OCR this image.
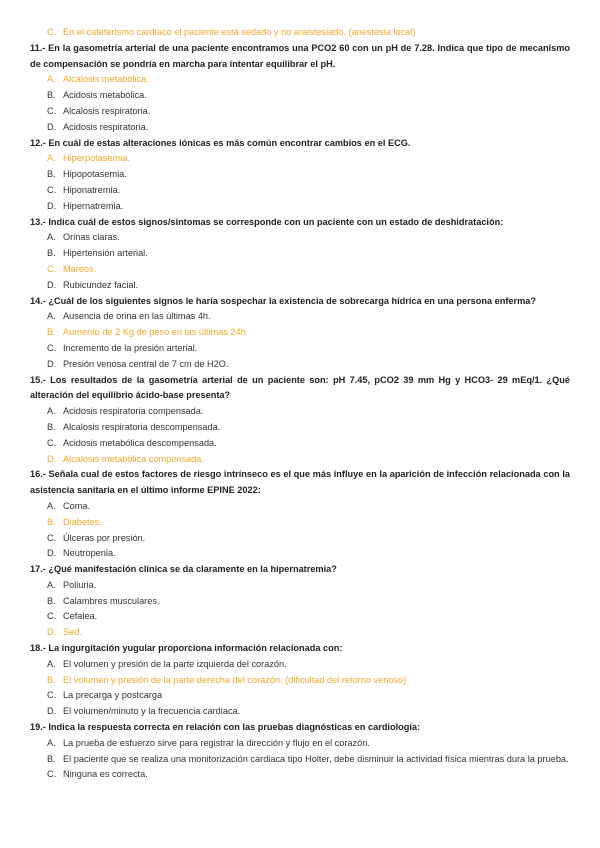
C. En el cateterismo cardíaco el paciente está sedado y no anestesiado. (anestesia local)

11.- En la gasometría arterial de una paciente encontramos una PCO2 60 con un pH de 7.28. Indica que tipo de mecanismo de compensación se pondría en marcha para intentar equilibrar el pH.

A. Alcalosis metabólica.
B. Acidosis metabólica.
C. Alcalosis respiratoria.
D. Acidosis respiratoria.

12.- En cuál de estas alteraciones iónicas es más común encontrar cambios en el ECG.

A. Hiperpotasemia.
B. Hipopotasemia.
C. Hiponatremia.
D. Hipernatremia.

13.- Indica cuál de estos signos/síntomas se corresponde con un paciente con un estado de deshidratación:

A. Orinas claras.
B. Hipertensión arterial.
C. Mareos.
D. Rubicundez facial.

14.- ¿Cuál de los siguientes signos le haría sospechar la existencia de sobrecarga hídrica en una persona enferma?

A. Ausencia de orina en las últimas 4h.
B. Aumento de 2 Kg de peso en las últimas 24h
C. Incremento de la presión arterial.
D. Presión venosa central de 7 cm de H2O.

15.- Los resultados de la gasometría arterial de un paciente son: pH 7.45, pCO2 39 mm Hg y HCO3- 29 mEq/1. ¿Qué alteración del equilibrio ácido-base presenta?

A. Acidosis respiratoria compensada.
B. Alcalosis respiratoria descompensada.
C. Acidosis metabólica descompensada.
D. Alcalosis metabólica compensada.

16.- Señala cual de estos factores de riesgo intrínseco es el que más influye en la aparición de infección relacionada con la asistencia sanitaria en el último informe EPINE 2022:

A. Coma.
B. Diabetes.
C. Úlceras por presión.
D. Neutropenia.

17.- ¿Qué manifestación clínica se da claramente en la hipernatremia?

A. Poliuria.
B. Calambres musculares.
C. Cefalea.
D. Sed.

18.- La ingurgitación yugular proporciona información relacionada con:

A. El volumen y presión de la parte izquierda del corazón.
B. El volumen y presión de la parte derecha del corazón. (dificultad del retorno venoso)
C. La precarga y postcarga
D. El volumen/minuto y la frecuencia cardiaca.

19.- Indica la respuesta correcta en relación con las pruebas diagnósticas en cardiología:

A. La prueba de esfuerzo sirve para registrar la dirección y flujo en el corazón.
B. El paciente que se realiza una monitorización cardiaca tipo Holter, debe disminuir la actividad física mientras dura la prueba.
C. Ninguna es correcta.
